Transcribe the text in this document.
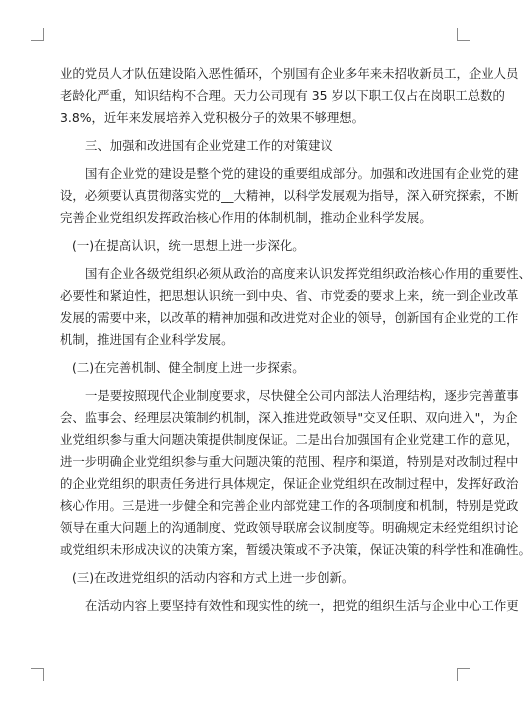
业的党员人才队伍建设陷入恶性循环，个别国有企业多年来未招收新员工，企业人员
老龄化严重，知识结构不合理。天力公司现有 35 岁以下职工仅占在岗职工总数的
3.8%，近年来发展培养入党积极分子的效果不够理想。
三、加强和改进国有企业党建工作的对策建议
国有企业党的建设是整个党的建设的重要组成部分。加强和改进国有企业党的建
设，必须要认真贯彻落实党的__大精神，以科学发展观为指导，深入研究探索，不断
完善企业党组织发挥政治核心作用的体制机制，推动企业科学发展。
(一)在提高认识，统一思想上进一步深化。
国有企业各级党组织必须从政治的高度来认识发挥党组织政治核心作用的重要性、
必要性和紧迫性，把思想认识统一到中央、省、市党委的要求上来，统一到企业改革
发展的需要中来，以改革的精神加强和改进党对企业的领导，创新国有企业党的工作
机制，推进国有企业科学发展。
(二)在完善机制、健全制度上进一步探索。
一是要按照现代企业制度要求，尽快健全公司内部法人治理结构，逐步完善董事
会、监事会、经理层决策制约机制，深入推进党政领导"交叉任职、双向进入"，为企
业党组织参与重大问题决策提供制度保证。二是出台加强国有企业党建工作的意见，
进一步明确企业党组织参与重大问题决策的范围、程序和渠道，特别是对改制过程中
的企业党组织的职责任务进行具体规定，保证企业党组织在改制过程中，发挥好政治
核心作用。三是进一步健全和完善企业内部党建工作的各项制度和机制，特别是党政
领导在重大问题上的沟通制度、党政领导联席会议制度等。明确规定未经党组织讨论
或党组织未形成决议的决策方案，暂缓决策或不予决策，保证决策的科学性和准确性。
(三)在改进党组织的活动内容和方式上进一步创新。
在活动内容上要坚持有效性和现实性的统一，把党的组织生活与企业中心工作更
